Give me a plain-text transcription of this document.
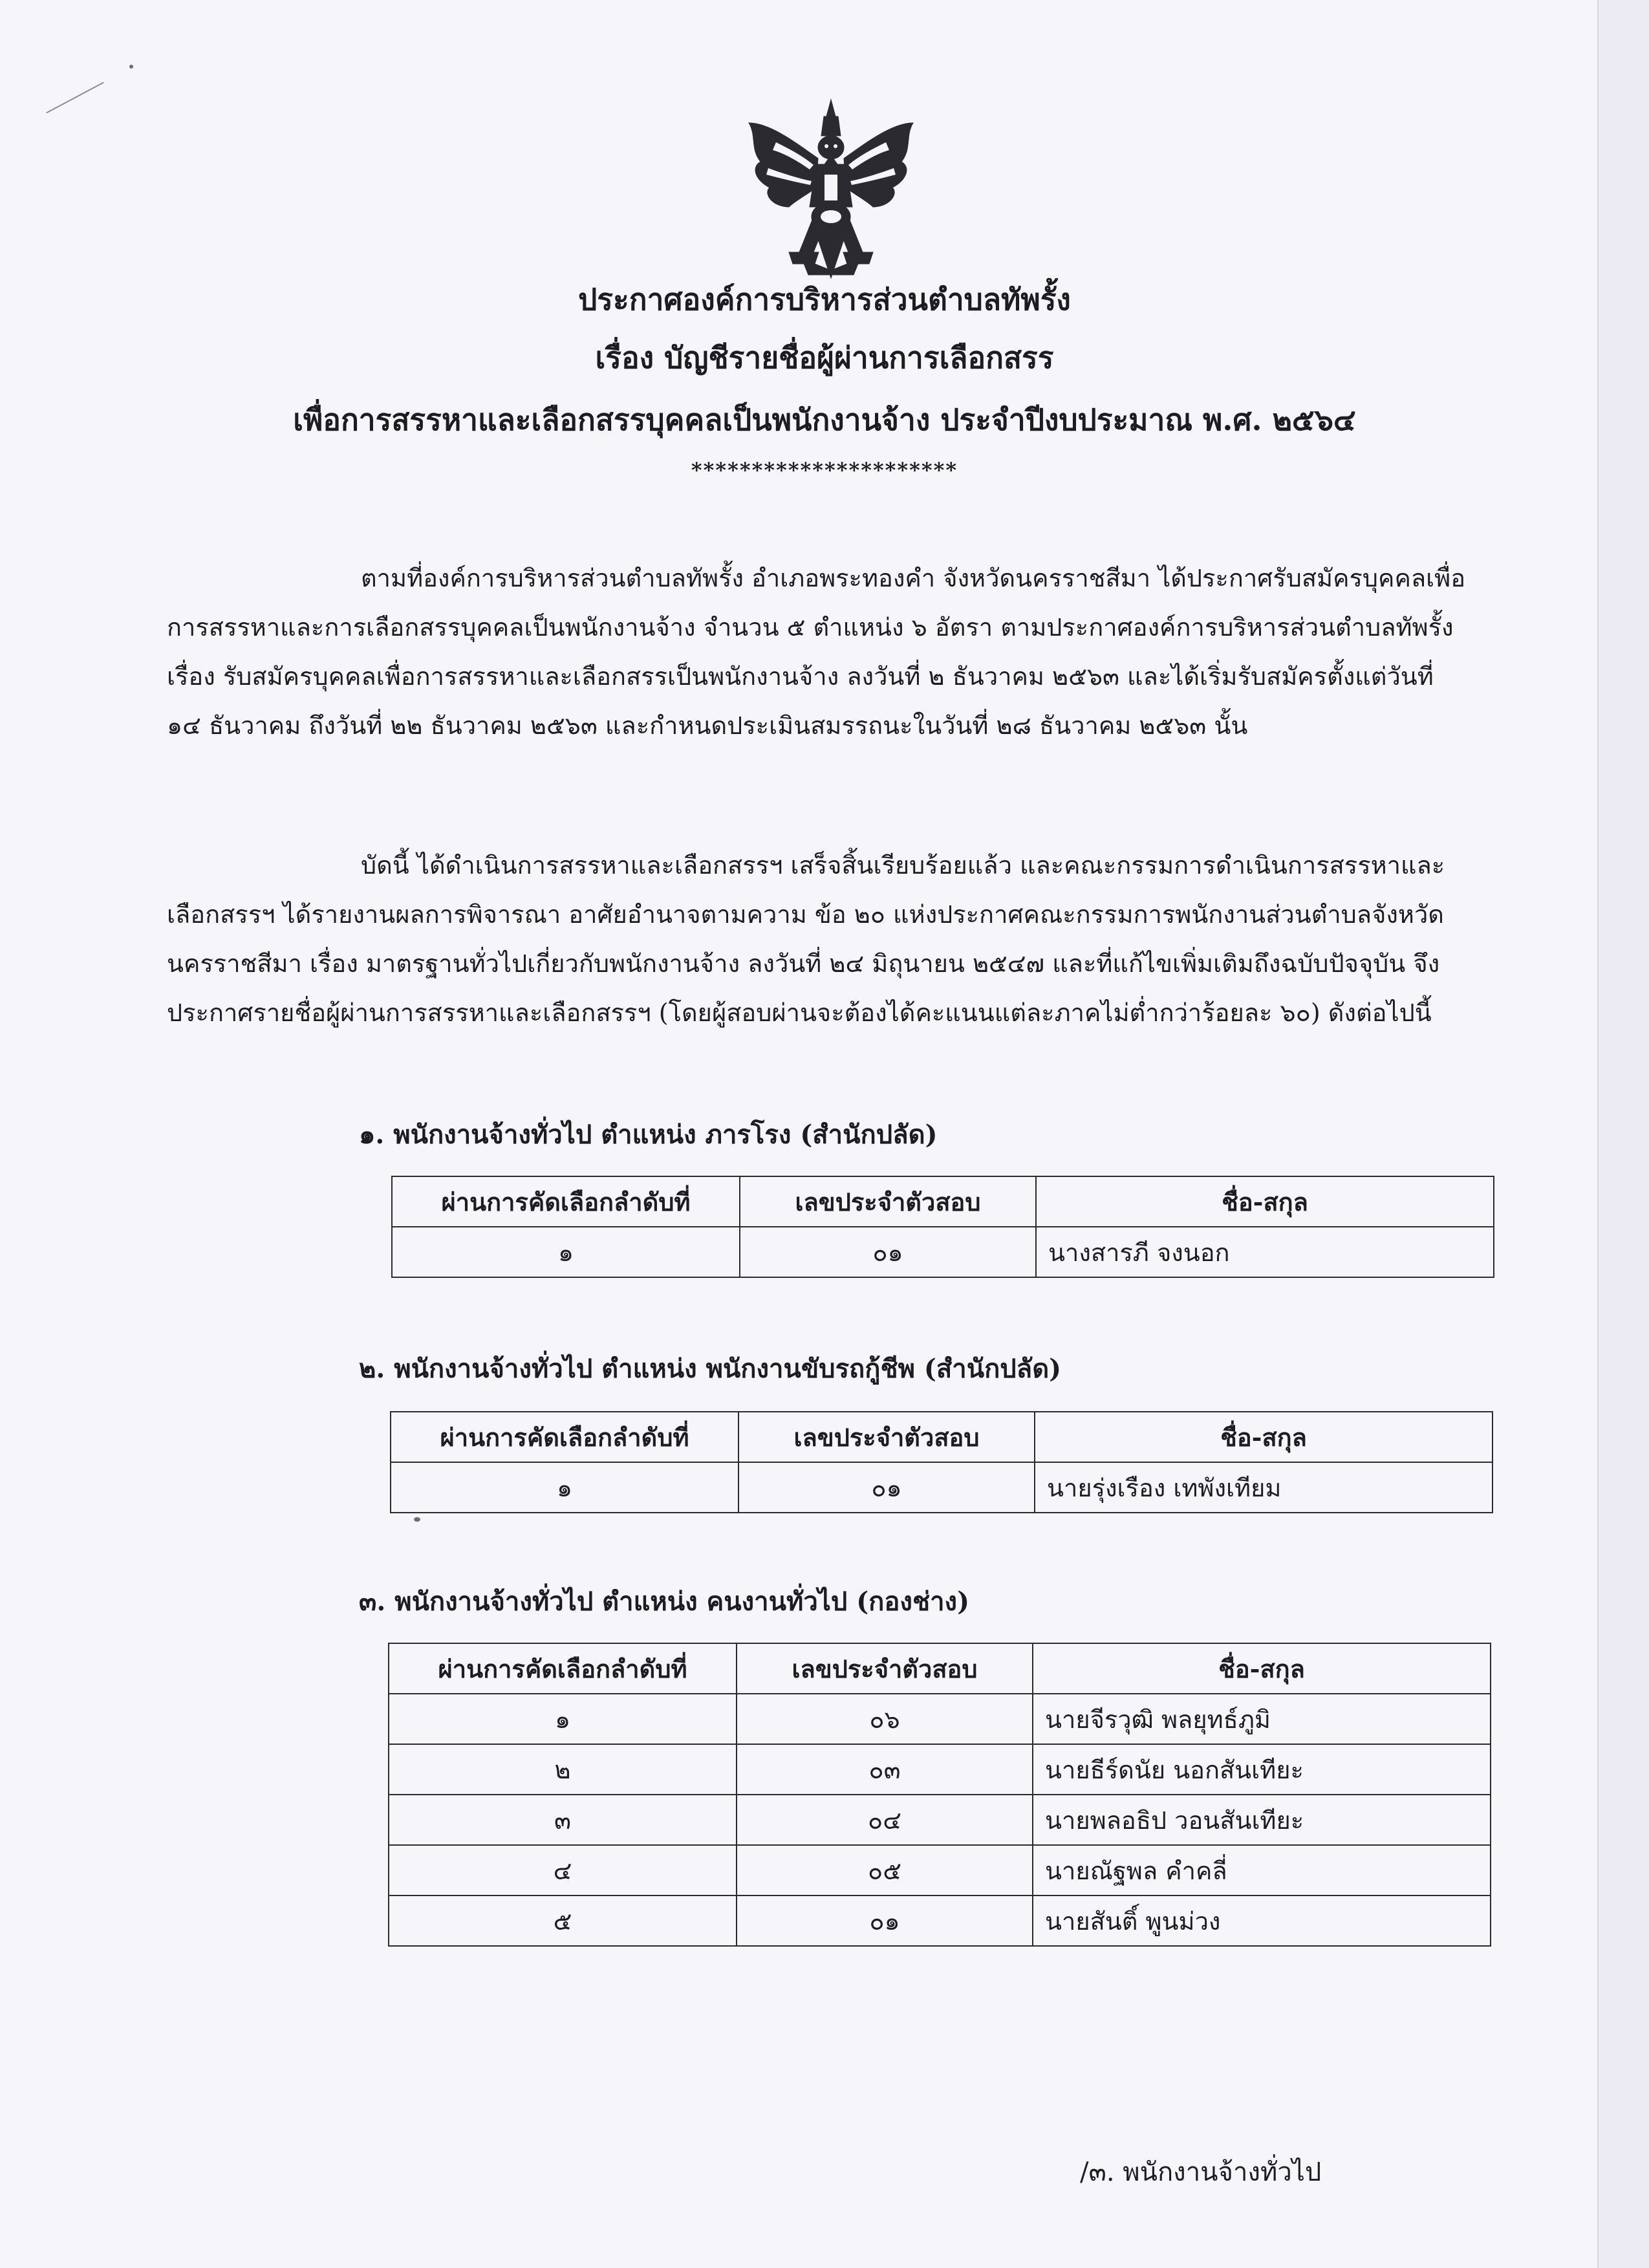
ประกาศองค์การบริหารส่วนตำบลทัพรั้ง

เรื่อง บัญชีรายชื่อผู้ผ่านการเลือกสรร

เพื่อการสรรหาและเลือกสรรบุคคลเป็นพนักงานจ้าง ประจำปีงบประมาณ พ.ศ. ๒๕๖๔

**********************

ตามที่องค์การบริหารส่วนตำบลทัพรั้ง อำเภอพระทองคำ จังหวัดนครราชสีมา ได้ประกาศรับสมัครบุคคลเพื่อการสรรหาและการเลือกสรรบุคคลเป็นพนักงานจ้าง จำนวน ๕ ตำแหน่ง ๖ อัตรา ตามประกาศองค์การบริหารส่วนตำบลทัพรั้ง เรื่อง รับสมัครบุคคลเพื่อการสรรหาและเลือกสรรเป็นพนักงานจ้าง ลงวันที่ ๒ ธันวาคม ๒๕๖๓ และได้เริ่มรับสมัครตั้งแต่วันที่ ๑๔ ธันวาคม ถึงวันที่ ๒๒ ธันวาคม ๒๕๖๓ และกำหนดประเมินสมรรถนะในวันที่ ๒๘ ธันวาคม ๒๕๖๓ นั้น

บัดนี้ ได้ดำเนินการสรรหาและเลือกสรรฯ เสร็จสิ้นเรียบร้อยแล้ว และคณะกรรมการดำเนินการสรรหาและเลือกสรรฯ ได้รายงานผลการพิจารณา อาศัยอำนาจตามความ ข้อ ๒๐ แห่งประกาศคณะกรรมการพนักงานส่วนตำบลจังหวัดนครราชสีมา เรื่อง มาตรฐานทั่วไปเกี่ยวกับพนักงานจ้าง ลงวันที่ ๒๔ มิถุนายน ๒๕๔๗ และที่แก้ไขเพิ่มเติมถึงฉบับปัจจุบัน จึงประกาศรายชื่อผู้ผ่านการสรรหาและเลือกสรรฯ (โดยผู้สอบผ่านจะต้องได้คะแนนแต่ละภาคไม่ต่ำกว่าร้อยละ ๖๐) ดังต่อไปนี้

๑. พนักงานจ้างทั่วไป ตำแหน่ง ภารโรง (สำนักปลัด)

ผ่านการคัดเลือกลำดับที่	เลขประจำตัวสอบ	ชื่อ-สกุล
๑	๐๑	นางสารภี จงนอก

๒. พนักงานจ้างทั่วไป ตำแหน่ง พนักงานขับรถกู้ชีพ (สำนักปลัด)

ผ่านการคัดเลือกลำดับที่	เลขประจำตัวสอบ	ชื่อ-สกุล
๑	๐๑	นายรุ่งเรือง เทพังเทียม

๓. พนักงานจ้างทั่วไป ตำแหน่ง คนงานทั่วไป (กองช่าง)

ผ่านการคัดเลือกลำดับที่	เลขประจำตัวสอบ	ชื่อ-สกุล
๑	๐๖	นายจีรวุฒิ พลยุทธ์ภูมิ
๒	๐๓	นายธีร์ดนัย นอกสันเทียะ
๓	๐๔	นายพลอธิป วอนสันเทียะ
๔	๐๕	นายณัฐพล คำคลี่
๕	๐๑	นายสันติ์ พูนม่วง

/๓. พนักงานจ้างทั่วไป
